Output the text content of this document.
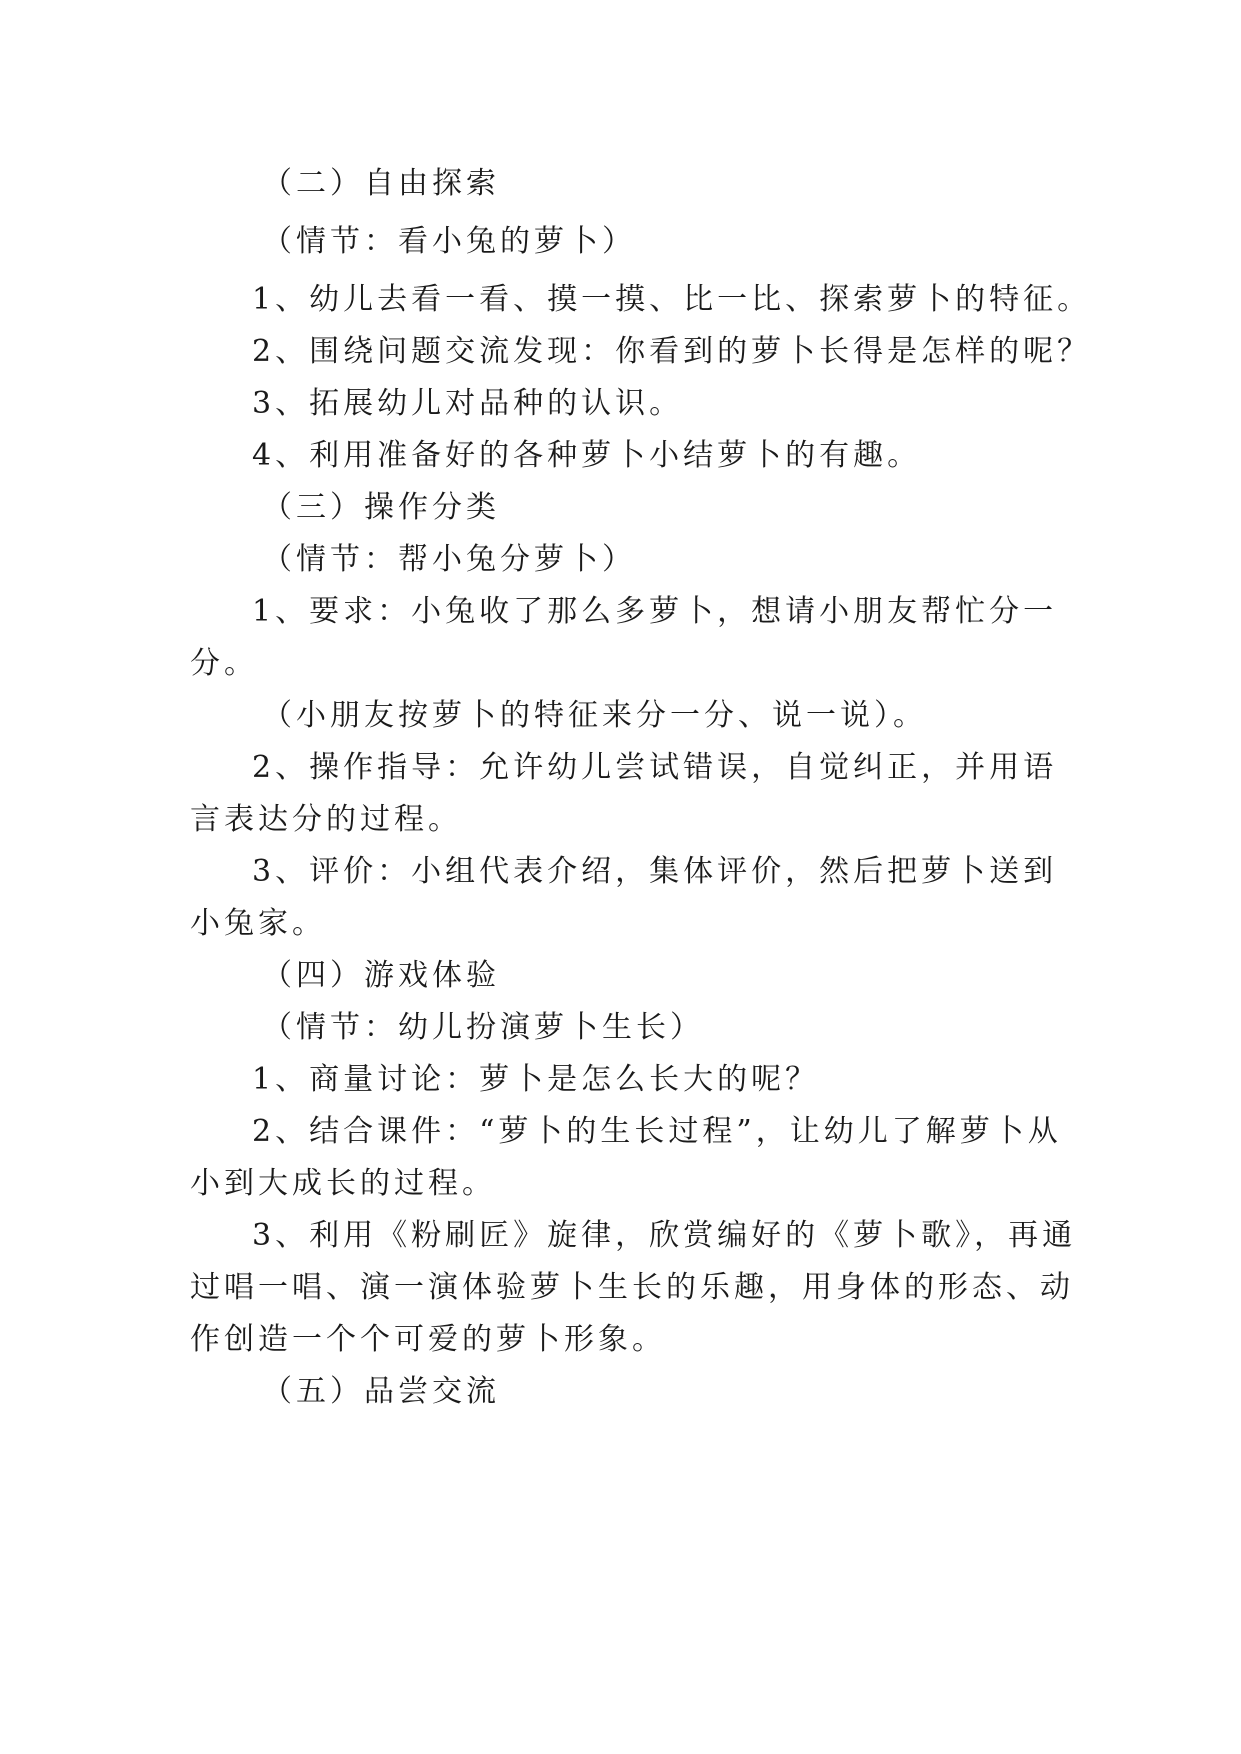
（二）自由探索
（情节：看小兔的萝卜）
1、幼儿去看一看、摸一摸、比一比、探索萝卜的特征。
2、围绕问题交流发现：你看到的萝卜长得是怎样的呢？
3、拓展幼儿对品种的认识。
4、利用准备好的各种萝卜小结萝卜的有趣。
（三）操作分类
（情节：帮小兔分萝卜）
1、要求：小兔收了那么多萝卜，想请小朋友帮忙分一
分。
（小朋友按萝卜的特征来分一分、说一说）。
2、操作指导：允许幼儿尝试错误，自觉纠正，并用语
言表达分的过程。
3、评价：小组代表介绍，集体评价，然后把萝卜送到
小兔家。
（四）游戏体验
（情节：幼儿扮演萝卜生长）
1、商量讨论：萝卜是怎么长大的呢？
2、结合课件：“萝卜的生长过程”，让幼儿了解萝卜从
小到大成长的过程。
3、利用《粉刷匠》旋律，欣赏编好的《萝卜歌》，再通
过唱一唱、演一演体验萝卜生长的乐趣，用身体的形态、动
作创造一个个可爱的萝卜形象。
（五）品尝交流
